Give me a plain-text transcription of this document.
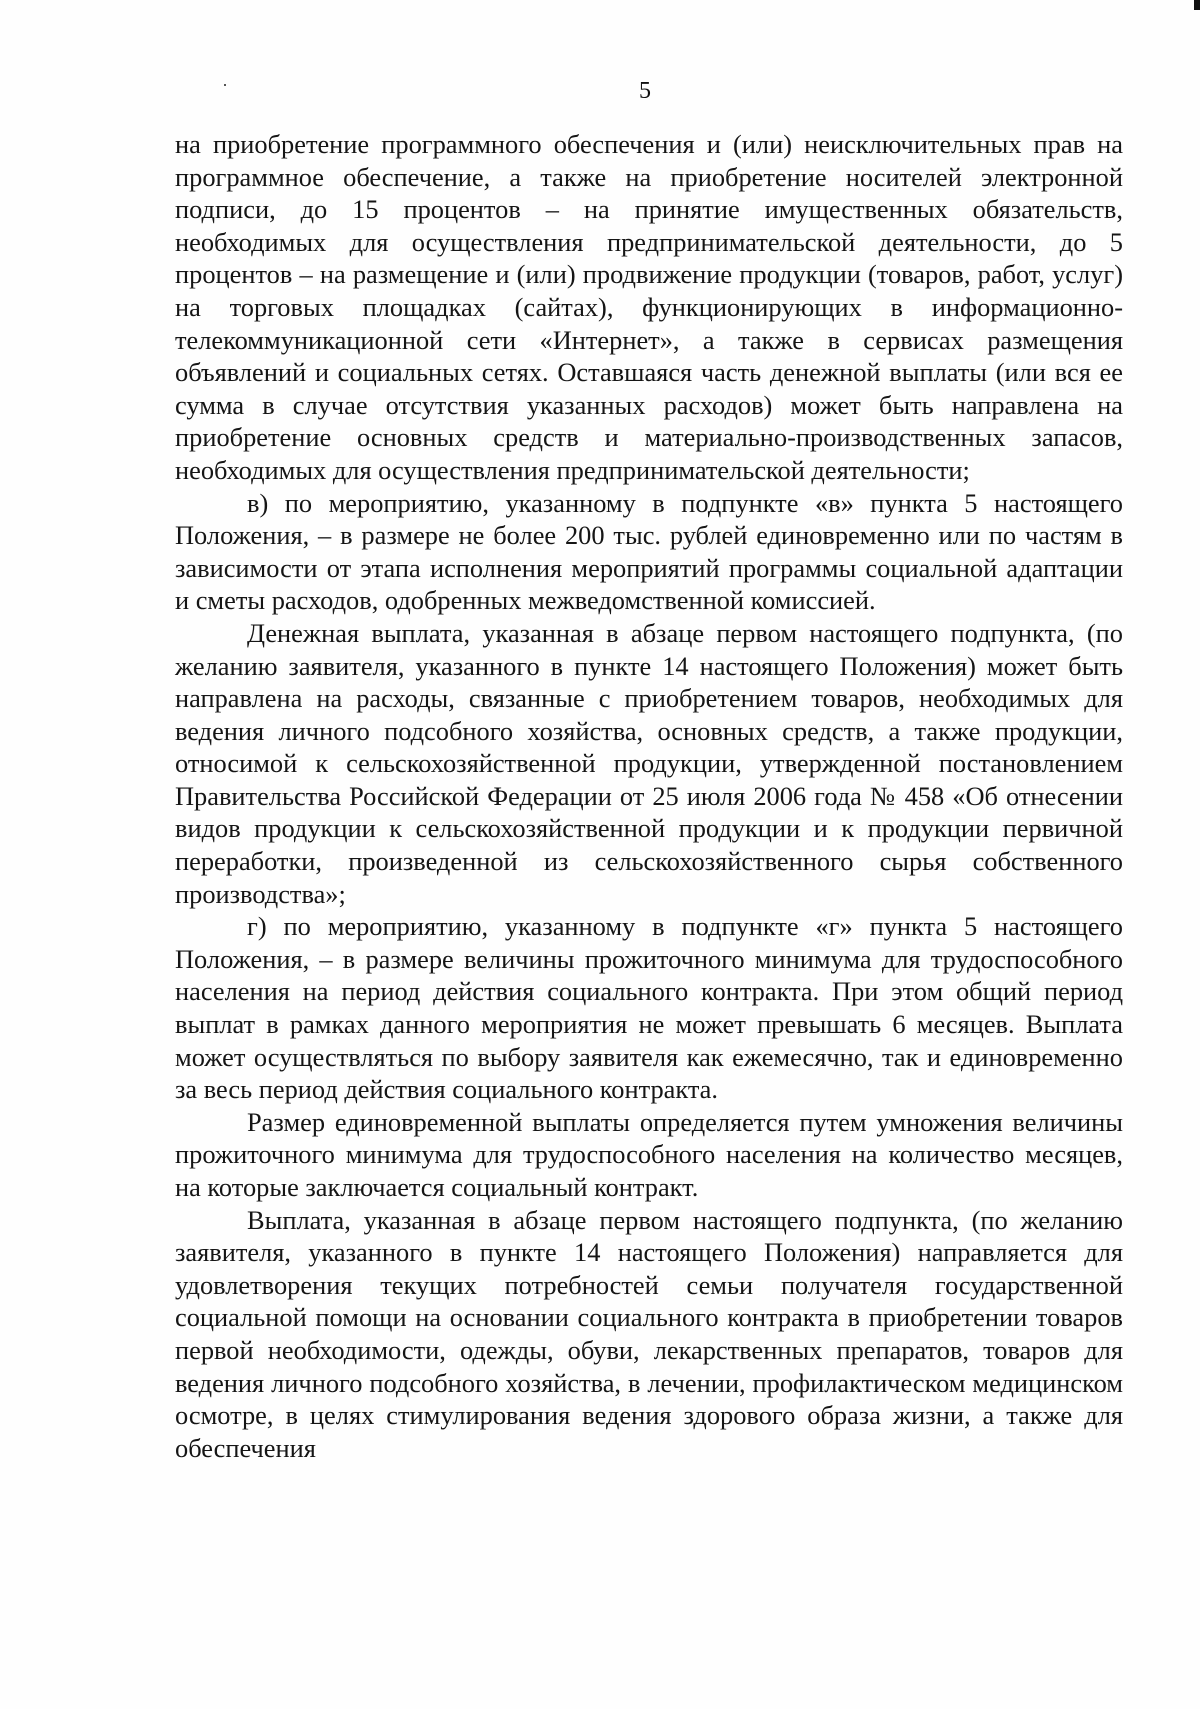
5

на приобретение программного обеспечения и (или) неисключительных прав на программное обеспечение, а также на приобретение носителей электронной подписи, до 15 процентов – на принятие имущественных обязательств, необходимых для осуществления предпринимательской деятельности, до 5 процентов – на размещение и (или) продвижение продукции (товаров, работ, услуг) на торговых площадках (сайтах), функционирующих в информационно-телекоммуникационной сети «Интернет», а также в сервисах размещения объявлений и социальных сетях. Оставшаяся часть денежной выплаты (или вся ее сумма в случае отсутствия указанных расходов) может быть направлена на приобретение основных средств и материально-производственных запасов, необходимых для осуществления предпринимательской деятельности;

в) по мероприятию, указанному в подпункте «в» пункта 5 настоящего Положения, – в размере не более 200 тыс. рублей единовременно или по частям в зависимости от этапа исполнения мероприятий программы социальной адаптации и сметы расходов, одобренных межведомственной комиссией.

Денежная выплата, указанная в абзаце первом настоящего подпункта, (по желанию заявителя, указанного в пункте 14 настоящего Положения) может быть направлена на расходы, связанные с приобретением товаров, необходимых для ведения личного подсобного хозяйства, основных средств, а также продукции, относимой к сельскохозяйственной продукции, утвержденной постановлением Правительства Российской Федерации от 25 июля 2006 года № 458 «Об отнесении видов продукции к сельскохозяйственной продукции и к продукции первичной переработки, произведенной из сельскохозяйственного сырья собственного производства»;

г) по мероприятию, указанному в подпункте «г» пункта 5 настоящего Положения, – в размере величины прожиточного минимума для трудоспособного населения на период действия социального контракта. При этом общий период выплат в рамках данного мероприятия не может превышать 6 месяцев. Выплата может осуществляться по выбору заявителя как ежемесячно, так и единовременно за весь период действия социального контракта.

Размер единовременной выплаты определяется путем умножения величины прожиточного минимума для трудоспособного населения на количество месяцев, на которые заключается социальный контракт.

Выплата, указанная в абзаце первом настоящего подпункта, (по желанию заявителя, указанного в пункте 14 настоящего Положения) направляется для удовлетворения текущих потребностей семьи получателя государственной социальной помощи на основании социального контракта в приобретении товаров первой необходимости, одежды, обуви, лекарственных препаратов, товаров для ведения личного подсобного хозяйства, в лечении, профилактическом медицинском осмотре, в целях стимулирования ведения здорового образа жизни, а также для обеспечения
